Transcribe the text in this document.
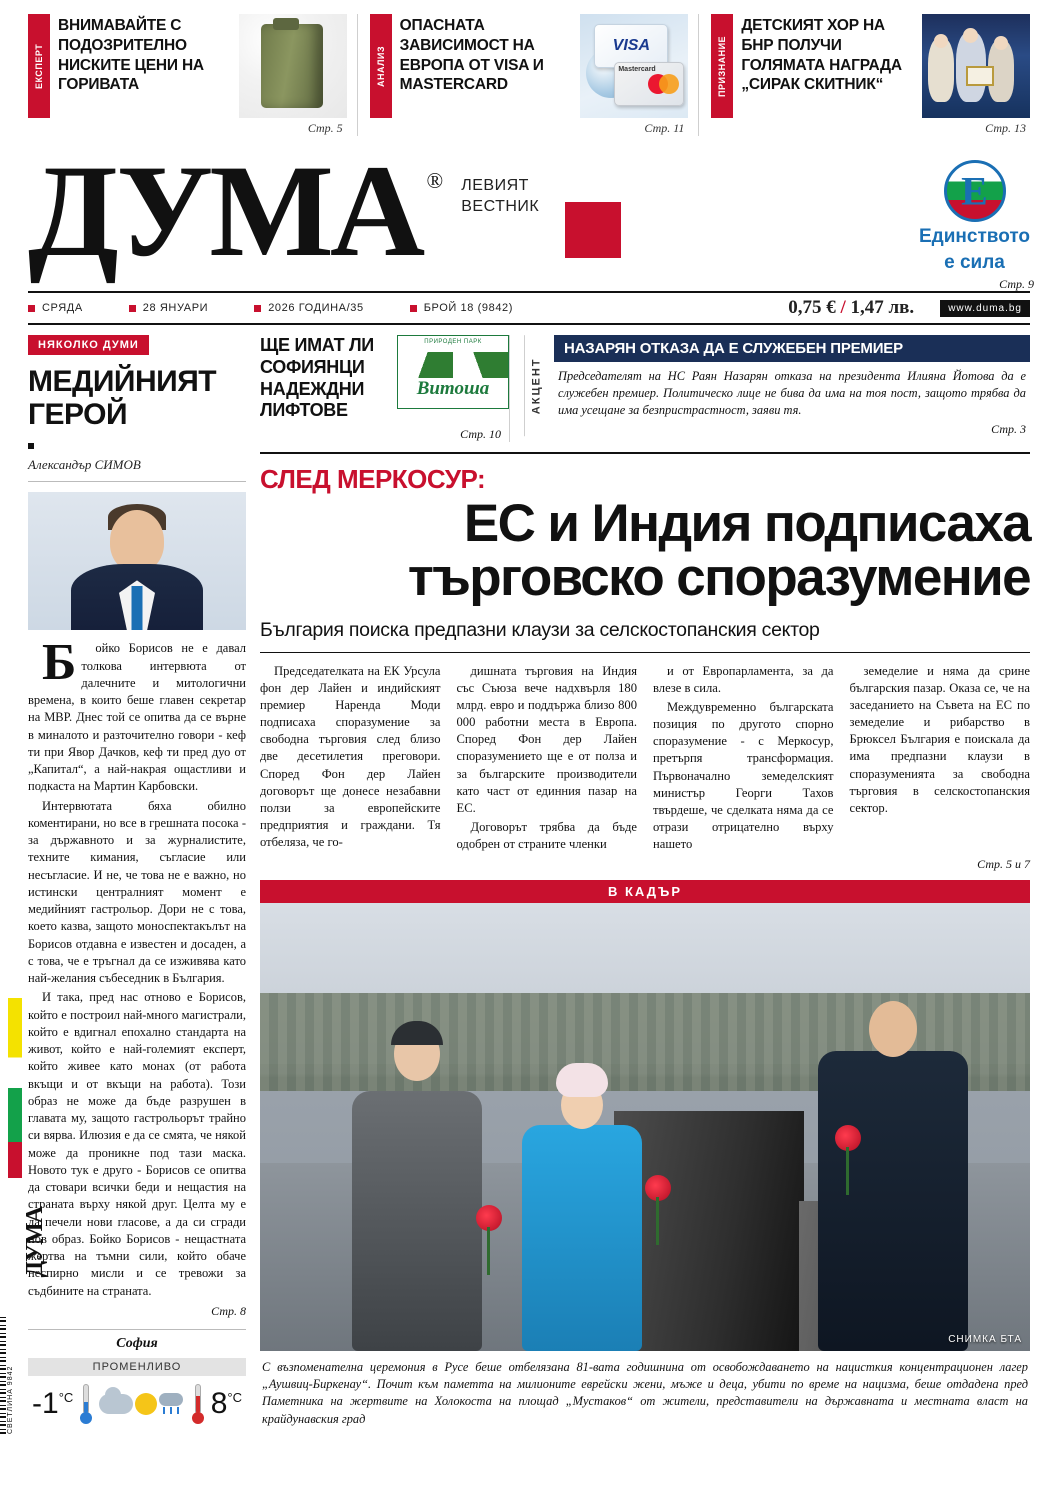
ЕКСПЕРТ
ВНИМАВАЙТЕ С ПОДОЗРИТЕЛНО НИСКИТЕ ЦЕНИ НА ГОРИВАТА
Стр. 5
АНАЛИЗ
ОПАСНАТА ЗАВИСИМОСТ НА ЕВРОПА ОТ VISA И MASTERCARD
VISA
Mastercard
Стр. 11
ПРИЗНАНИЕ
ДЕТСКИЯТ ХОР НА БНР ПОЛУЧИ ГОЛЯМАТА НАГРАДА „СИРАК СКИТНИК“
Стр. 13
ДУМА ® ЛЕВИЯТ
ВЕСТНИК
E
Единството
е сила
Стр. 9
СРЯДА	28 ЯНУАРИ	2026 ГОДИНА/35	БРОЙ 18 (9842)	0,75 € / 1,47 лв.	www.duma.bg
ДУМА
СВЕТЛИНА 9842
НЯКОЛКО ДУМИ
МЕДИЙНИЯТ
ГЕРОЙ
Александър СИМОВ

Бойко Борисов не е давал толкова интервюта от далечните и митологични времена, в които беше главен секретар на МВР. Днес той се опитва да се върне в миналото и разточително говори - кеф ти при Явор Дачков, кеф ти пред дуо от „Капитал“, а най-накрая ощастливи и подкаста на Мартин Карбовски.

Интервютата бяха обилно коментирани, но все в грешната посока - за държавното и за журналистите, техните кимания, съгласие или несъгласие. И не, че това не е важно, но истински централният момент е медийният гастрольор. Дори не с това, което казва, защото моноспектакълът на Борисов отдавна е известен и досаден, а с това, че е тръгнал да се изживява като най-желания събеседник в България.

И така, пред нас отново е Борисов, който е построил най-много магистрали, който е вдигнал епохално стандарта на живот, който е най-големият експерт, който живее като монах (от работа вкъщи и от вкъщи на работа). Този образ не може да бъде разрушен в главата му, защото гастрольорът трайно си вярва. Илюзия е да се смята, че някой може да проникне под тази маска. Новото тук е друго - Борисов се опитва да стовари всички беди и нещастия на страната върху някой друг. Целта му е да печели нови гласове, а да си сгради нов образ. Бойко Борисов - нещастната жертва на тъмни сили, който обаче неспирно мисли и се тревожи за съдбините на страната.

Стр. 8
София
ПРОМЕНЛИВО
$-1^{^\circ C}$	$8^{^\circ C}$
ЩЕ ИМАТ ЛИ СОФИЯНЦИ НАДЕЖДНИ ЛИФТОВЕ
ПРИРОДЕН ПАРК
Витоша
Стр. 10
АКЦЕНТ
НАЗАРЯН ОТКАЗА ДА Е СЛУЖЕБЕН ПРЕМИЕР
Председателят на НС Раян Назарян отказа на президента Илияна Йотова да е служебен премиер. Политическо лице не бива да има на тоя пост, защото трябва да има усещане за безпристрастност, заяви тя.
Стр. 3
СЛЕД МЕРКОСУР:
ЕС и Индия подписаха
търговско споразумение
България поиска предпазни клаузи за селскостопанския сектор

Председателката на ЕК Урсула фон дер Лайен и индийският премиер Наренда Моди подписаха споразумение за свободна търговия след близо две десетилетия преговори. Според Фон дер Лайен договорът ще донесе незабавни ползи за европейските предприятия и граждани. Тя отбеляза, че го-

дишната търговия на Индия със Съюза вече надхвърля 180 млрд. евро и поддържа близо 800 000 работни места в Европа. Според Фон дер Лайен споразумението ще е от полза и за българските производители като част от единния пазар на ЕС.

Договорът трябва да бъде одобрен от страните членки

и от Европарламента, за да влезе в сила.

Междувременно българската позиция по другото спорно споразумение - с Меркосур, претърпя трансформация. Първоначално земеделският министър Георги Тахов твърдеше, че сделката няма да се отрази отрицателно върху нашето

земеделие и няма да срине българския пазар. Оказа се, че на заседанието на Съвета на ЕС по земеделие и рибарство в Брюксел България е поискала да има предпазни клаузи в споразуменията за свободна търговия в селскостопанския сектор.

Стр. 5 и 7
В КАДЪР
СНИМКА БТА
С възпоменателна церемония в Русе беше отбелязана 81-вата годишнина от освобождаването на нацисткия концентрационен лагер „Аушвиц-Биркенау“. Почит към паметта на милионите еврейски жени, мъже и деца, убити по време на нацизма, беше отдадена пред Паметника на жертвите на Холокоста на площад „Мустаков“ от жители, представители на държавната и местната власт на крайдунавския град
